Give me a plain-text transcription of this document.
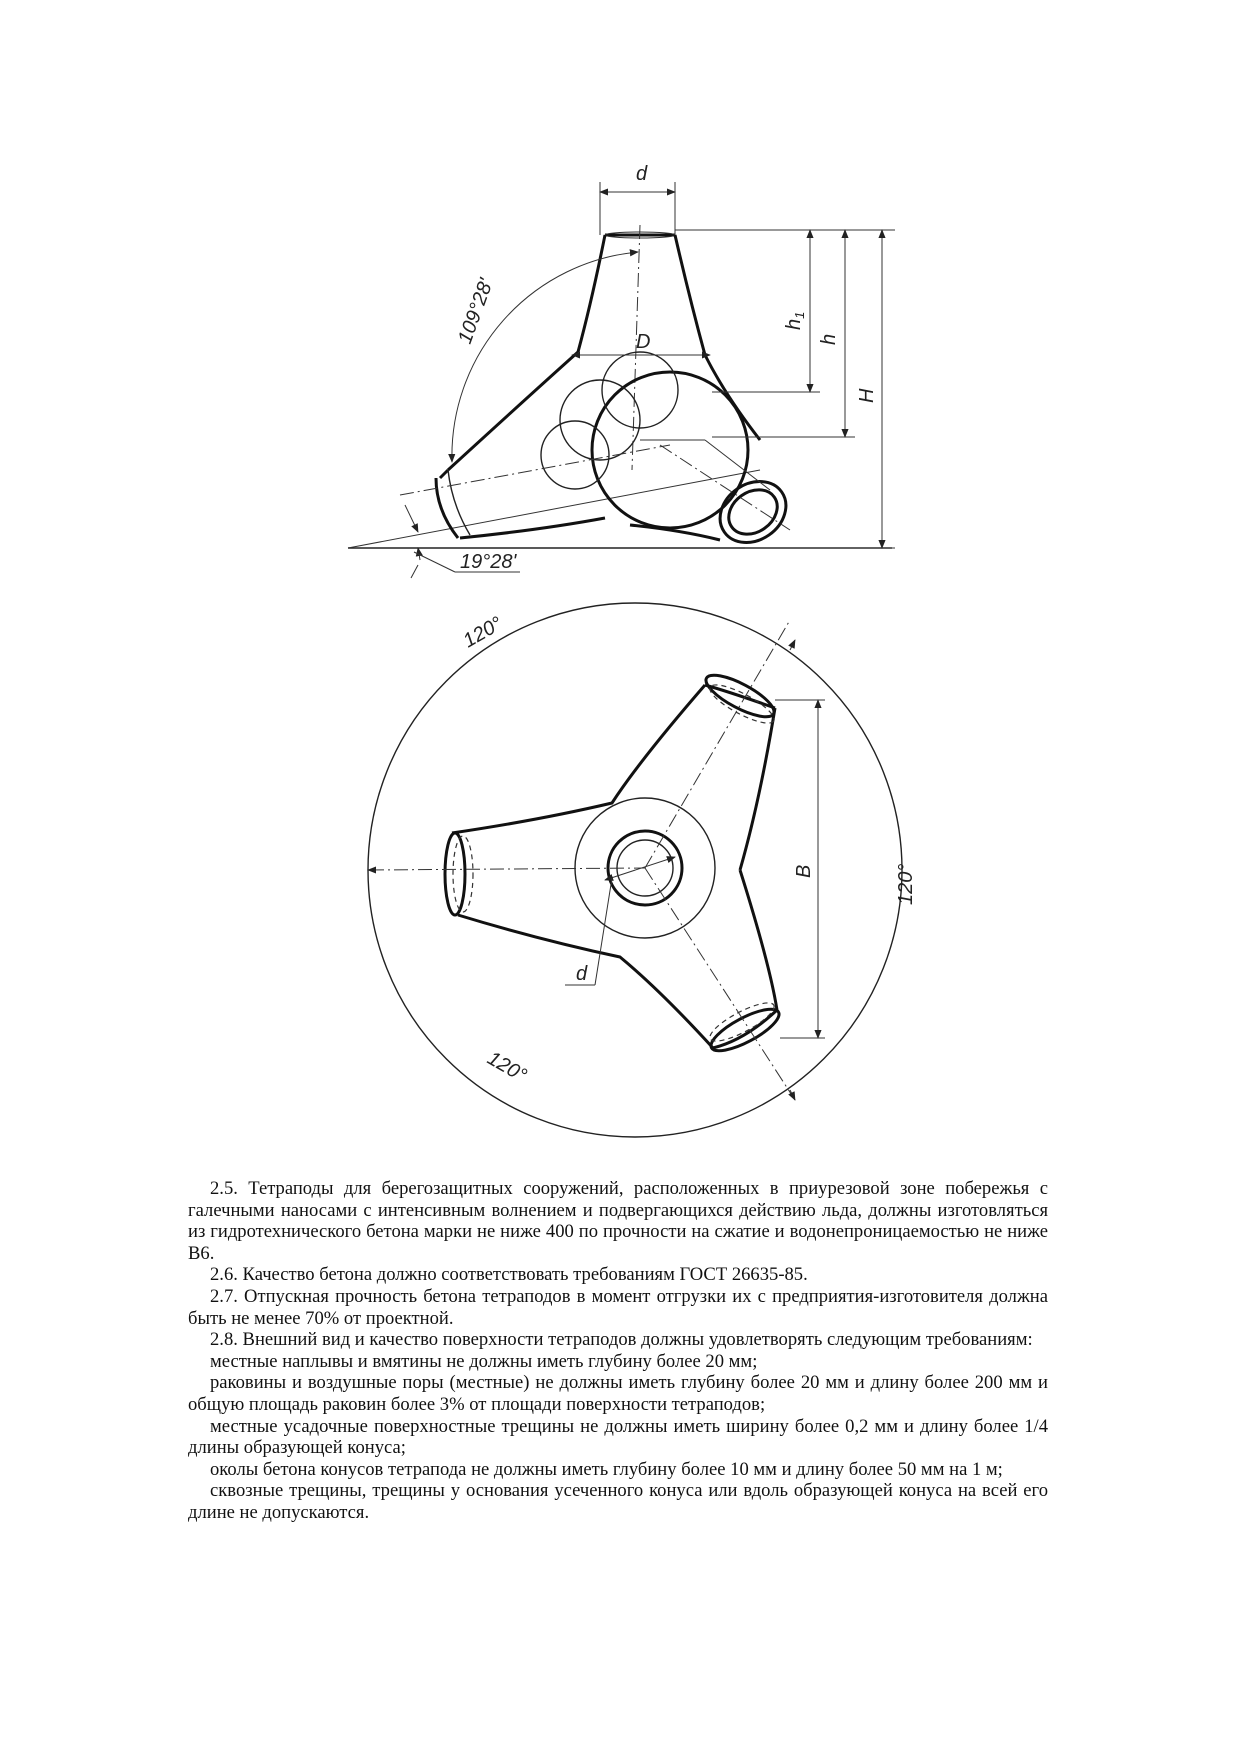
d
D
$h_1$
h
H
109°28'
19°28'
B
d
120°
120°
120°

2.5. Тетраподы для берегозащитных сооружений, расположенных в приурезовой зоне побережья с галечными наносами с интенсивным волнением и подвергающихся действию льда, должны изготовляться из гидротехнического бетона марки не ниже 400 по прочности на сжатие и водонепроницаемостью не ниже B6.

2.6. Качество бетона должно соответствовать требованиям ГОСТ 26635-85.

2.7. Отпускная прочность бетона тетраподов в момент отгрузки их с предприятия-изготовителя должна быть не менее 70% от проектной.

2.8. Внешний вид и качество поверхности тетраподов должны удовлетворять следующим требованиям:

местные наплывы и вмятины не должны иметь глубину более 20 мм;

раковины и воздушные поры (местные) не должны иметь глубину более 20 мм и длину более 200 мм и общую площадь раковин более 3% от площади поверхности тетраподов;

местные усадочные поверхностные трещины не должны иметь ширину более 0,2 мм и длину более 1/4 длины образующей конуса;

околы бетона конусов тетрапода не должны иметь глубину более 10 мм и длину более 50 мм на 1 м;

сквозные трещины, трещины у основания усеченного конуса или вдоль образующей конуса на всей его длине не допускаются.
